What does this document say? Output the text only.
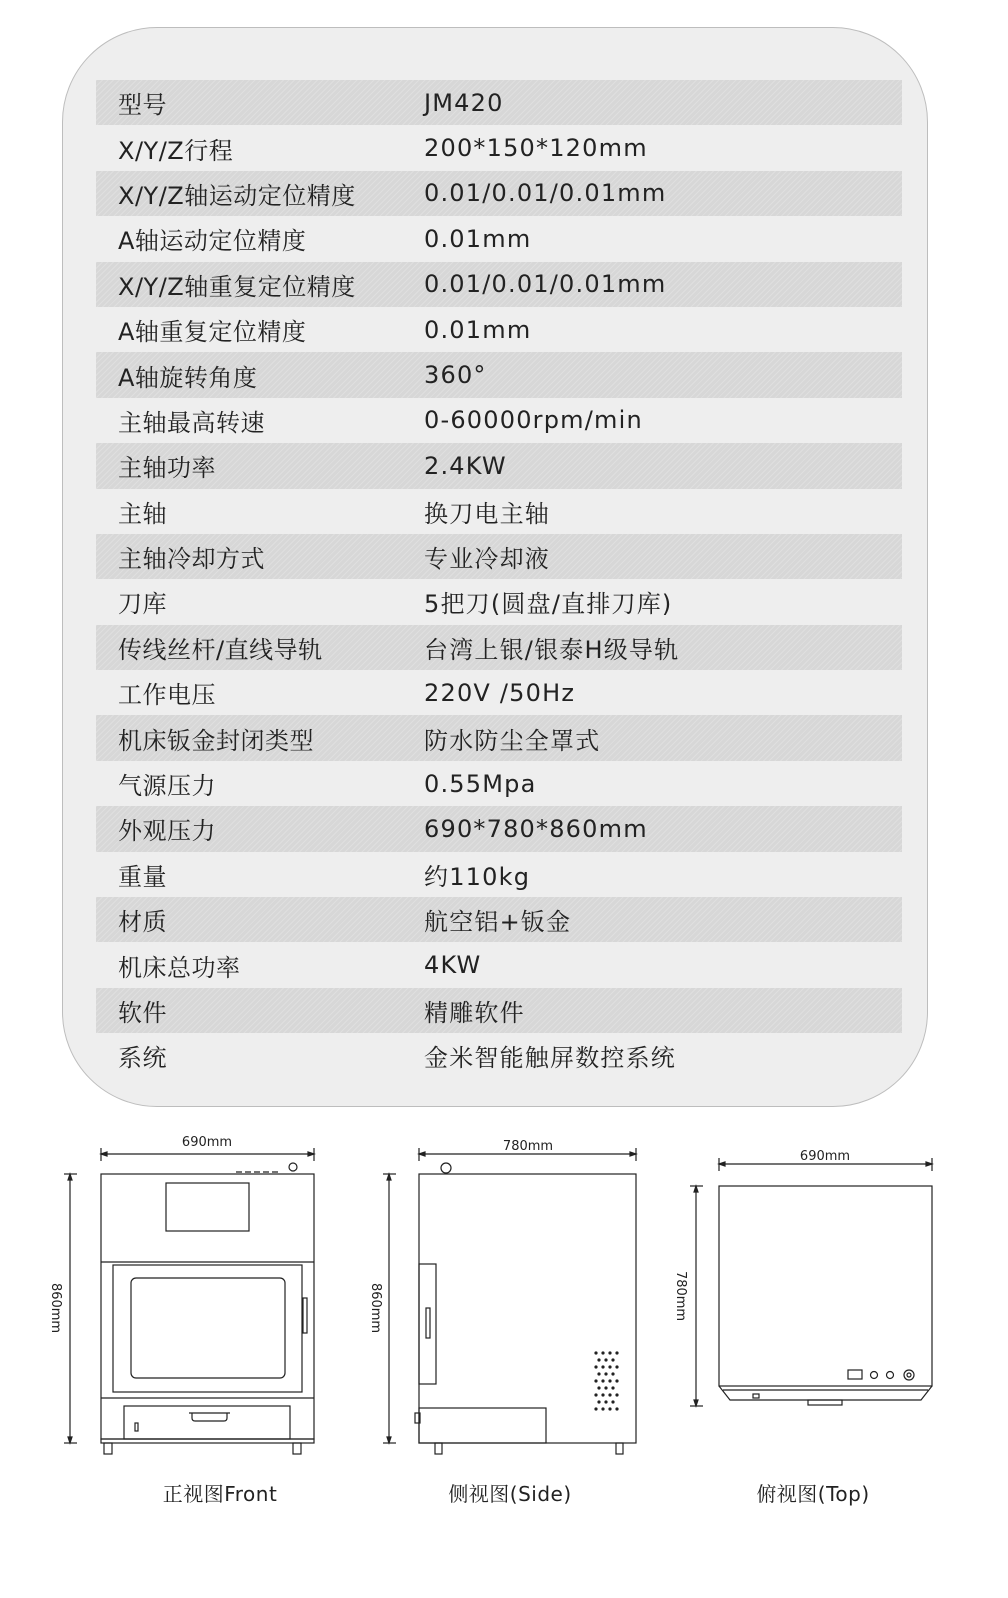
型号	JM420
X/Y/Z行程	200*150*120mm
X/Y/Z轴运动定位精度	0.01/0.01/0.01mm
A轴运动定位精度	0.01mm
X/Y/Z轴重复定位精度	0.01/0.01/0.01mm
A轴重复定位精度	0.01mm
A轴旋转角度	360°
主轴最高转速	0-60000rpm/min
主轴功率	2.4KW
主轴	换刀电主轴
主轴冷却方式	专业冷却液
刀库	5把刀(圆盘/直排刀库)
传线丝杆/直线导轨	台湾上银/银泰H级导轨
工作电压	220V /50Hz
机床钣金封闭类型	防水防尘全罩式
气源压力	0.55Mpa
外观压力	690*780*860mm
重量	约110kg
材质	航空铝+钣金
机床总功率	4KW
软件	精雕软件
系统	金米智能触屏数控系统
690mm
860mm
780mm
860mm
690mm
780mm
正视图Front	侧视图(Side)	俯视图(Top)
